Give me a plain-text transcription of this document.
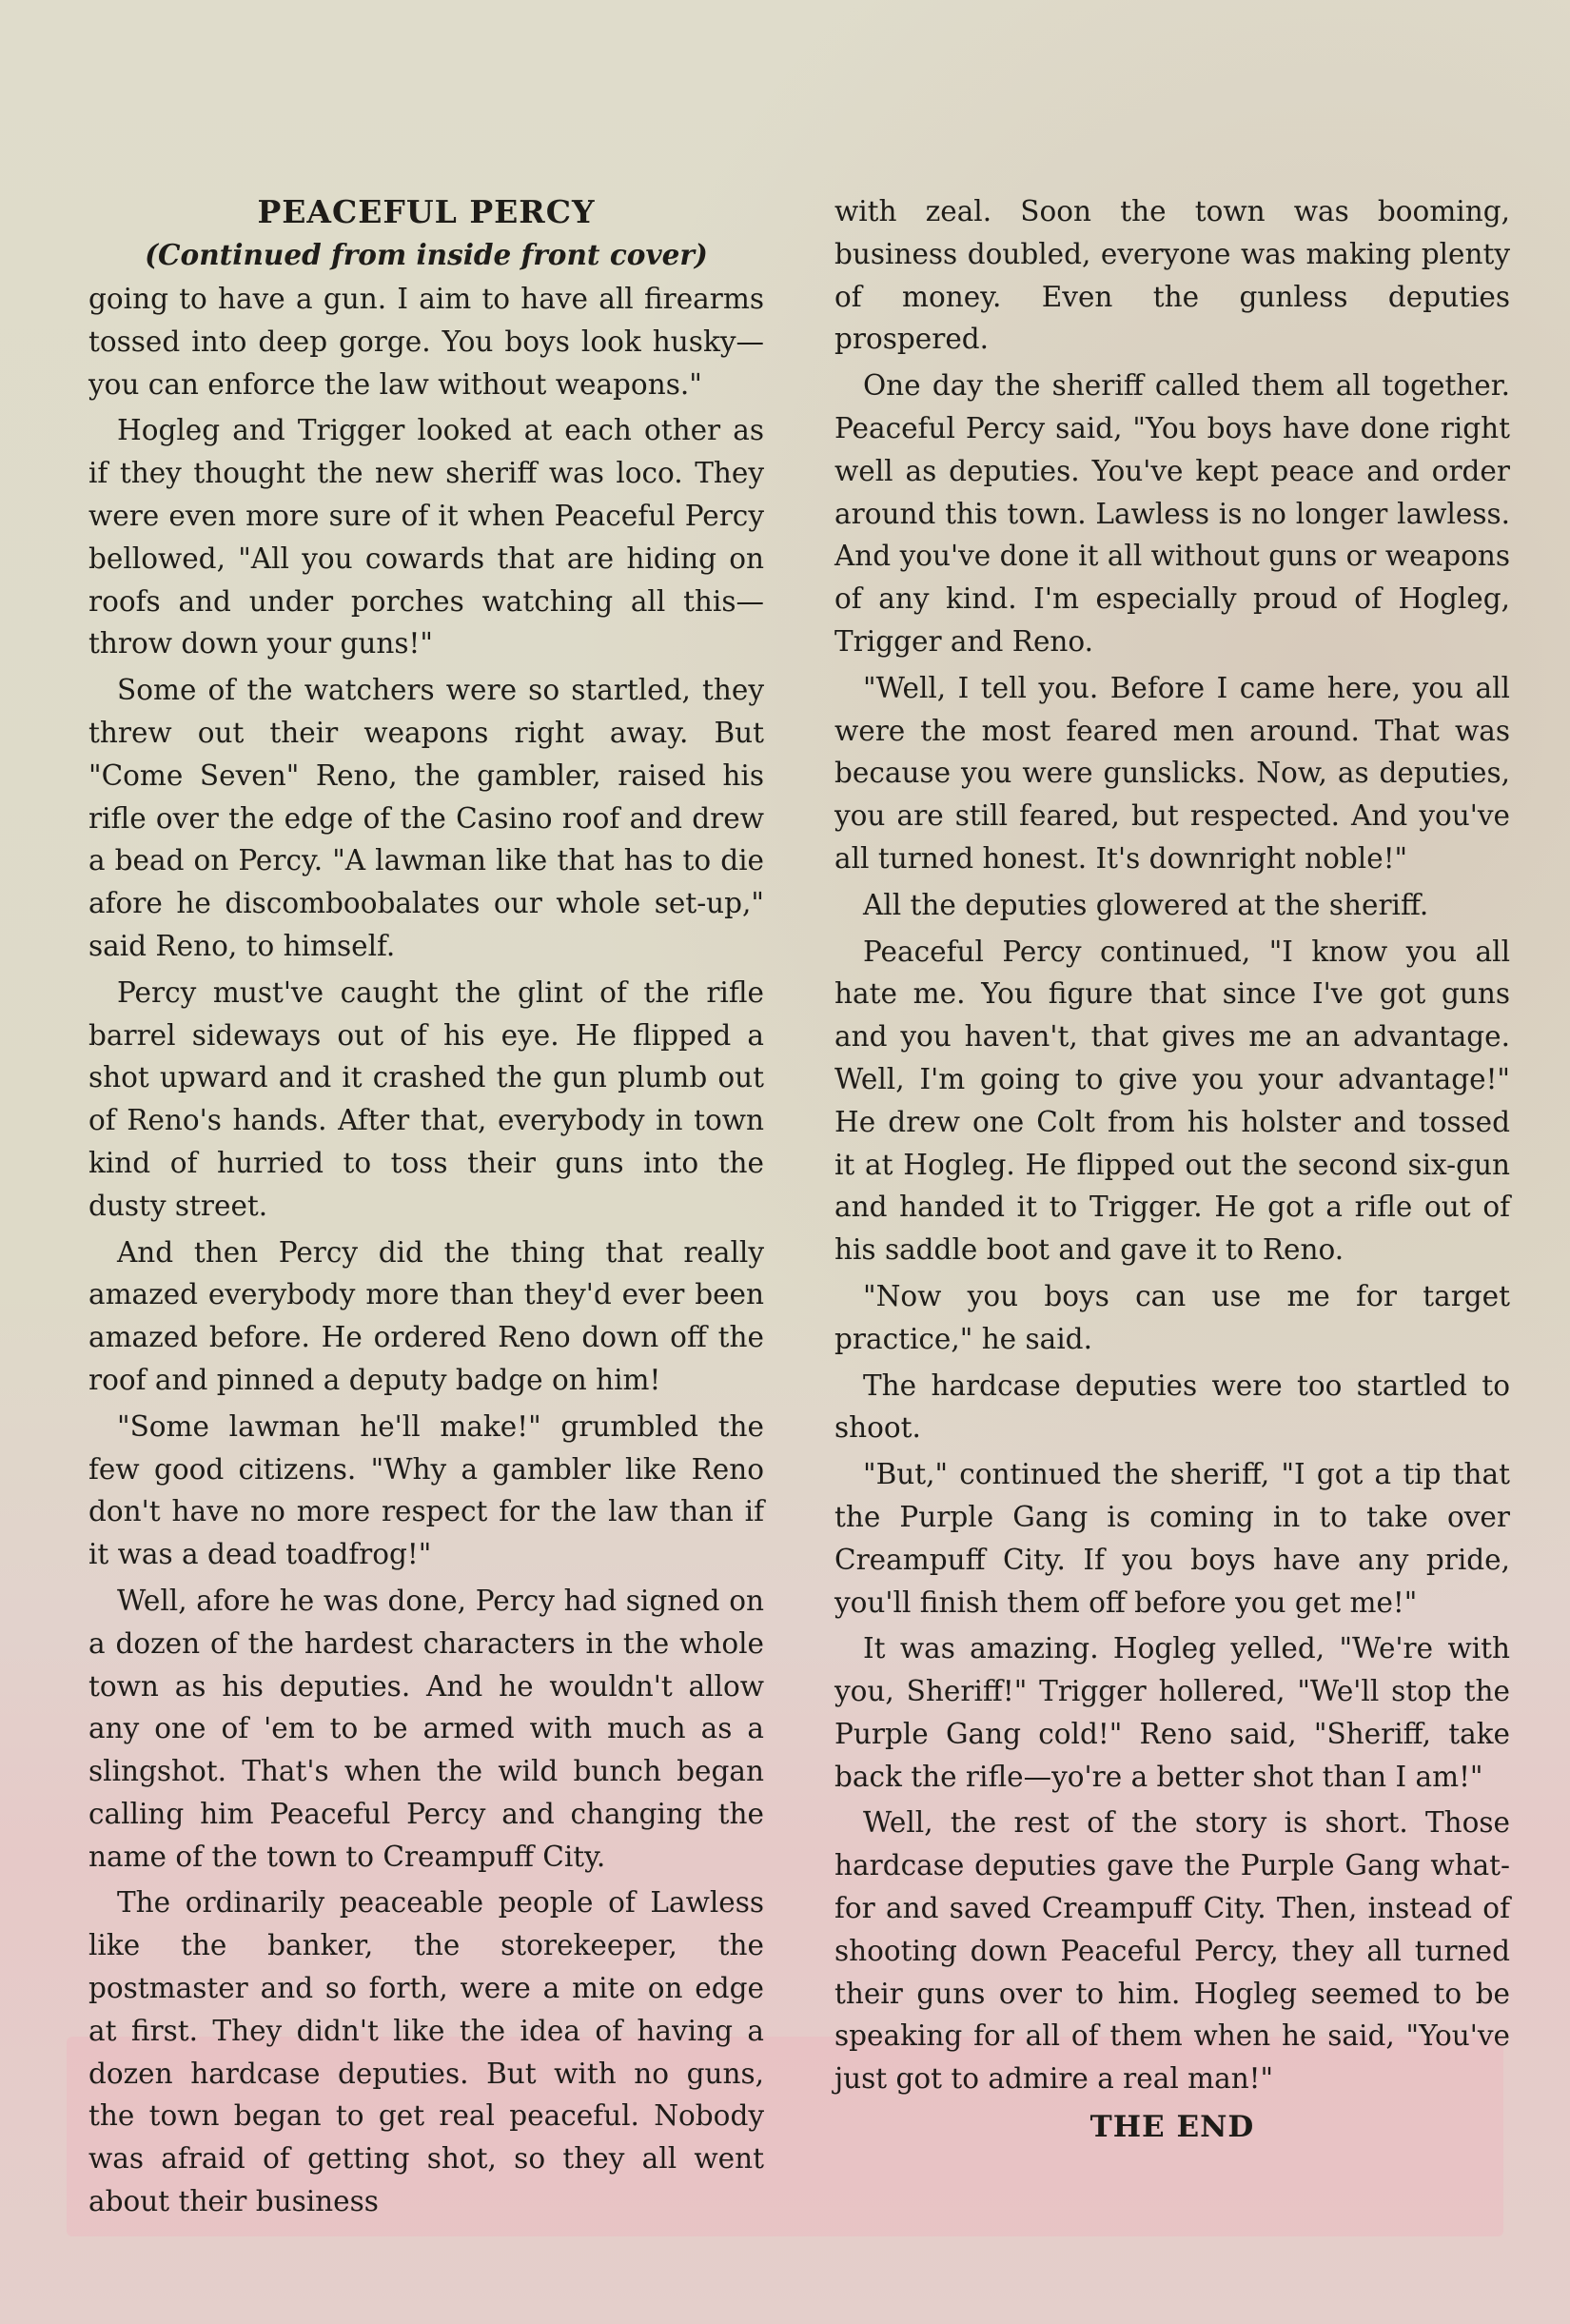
PEACEFUL PERCY

(Continued from inside front cover)

going to have a gun. I aim to have all firearms tossed into deep gorge. You boys look husky—you can enforce the law without weapons."

Hogleg and Trigger looked at each other as if they thought the new sheriff was loco. They were even more sure of it when Peaceful Percy bellowed, "All you cowards that are hiding on roofs and under porches watching all this—throw down your guns!"

Some of the watchers were so startled, they threw out their weapons right away. But "Come Seven" Reno, the gambler, raised his rifle over the edge of the Casino roof and drew a bead on Percy. "A lawman like that has to die afore he discomboobalates our whole set-up," said Reno, to himself.

Percy must've caught the glint of the rifle barrel sideways out of his eye. He flipped a shot upward and it crashed the gun plumb out of Reno's hands. After that, everybody in town kind of hurried to toss their guns into the dusty street.

And then Percy did the thing that really amazed everybody more than they'd ever been amazed before. He ordered Reno down off the roof and pinned a deputy badge on him!

"Some lawman he'll make!" grumbled the few good citizens. "Why a gambler like Reno don't have no more respect for the law than if it was a dead toadfrog!"

Well, afore he was done, Percy had signed on a dozen of the hardest characters in the whole town as his deputies. And he wouldn't allow any one of 'em to be armed with much as a slingshot. That's when the wild bunch began calling him Peaceful Percy and changing the name of the town to Creampuff City.

The ordinarily peaceable people of Lawless like the banker, the storekeeper, the postmaster and so forth, were a mite on edge at first. They didn't like the idea of having a dozen hardcase deputies. But with no guns, the town began to get real peaceful. Nobody was afraid of getting shot, so they all went about their business

with zeal. Soon the town was booming, business doubled, everyone was making plenty of money. Even the gunless deputies prospered.

One day the sheriff called them all together. Peaceful Percy said, "You boys have done right well as deputies. You've kept peace and order around this town. Lawless is no longer lawless. And you've done it all without guns or weapons of any kind. I'm especially proud of Hogleg, Trigger and Reno.

"Well, I tell you. Before I came here, you all were the most feared men around. That was because you were gunslicks. Now, as deputies, you are still feared, but respected. And you've all turned honest. It's downright noble!"

All the deputies glowered at the sheriff.

Peaceful Percy continued, "I know you all hate me. You figure that since I've got guns and you haven't, that gives me an advantage. Well, I'm going to give you your advantage!" He drew one Colt from his holster and tossed it at Hogleg. He flipped out the second six-gun and handed it to Trigger. He got a rifle out of his saddle boot and gave it to Reno.

"Now you boys can use me for target practice," he said.

The hardcase deputies were too startled to shoot.

"But," continued the sheriff, "I got a tip that the Purple Gang is coming in to take over Creampuff City. If you boys have any pride, you'll finish them off before you get me!"

It was amazing. Hogleg yelled, "We're with you, Sheriff!" Trigger hollered, "We'll stop the Purple Gang cold!" Reno said, "Sheriff, take back the rifle—yo're a better shot than I am!"

Well, the rest of the story is short. Those hardcase deputies gave the Purple Gang what-for and saved Creampuff City. Then, instead of shooting down Peaceful Percy, they all turned their guns over to him. Hogleg seemed to be speaking for all of them when he said, "You've just got to admire a real man!"

THE END
